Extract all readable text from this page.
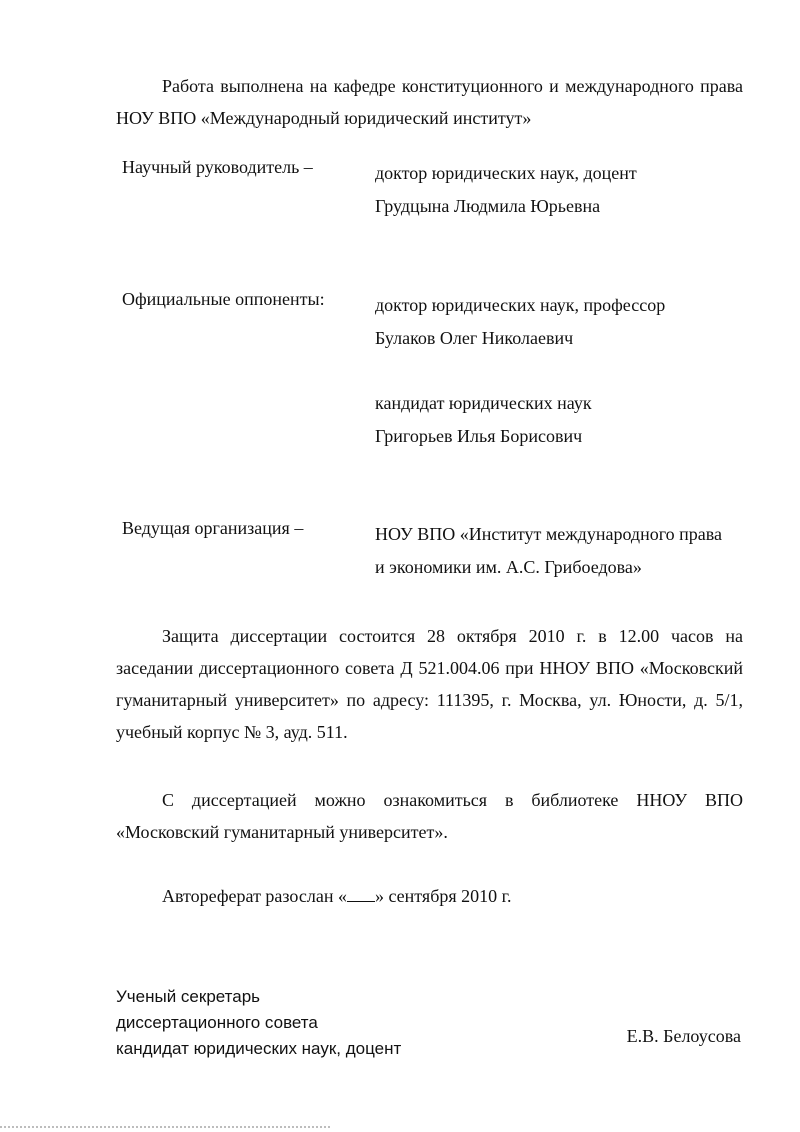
Работа выполнена на кафедре конституционного и международного права НОУ ВПО «Международный юридический институт»

Научный руководитель –	доктор юридических наук, доцент
Грудцына Людмила Юрьевна
Официальные оппоненты:	доктор юридических наук, профессор
Булаков Олег Николаевич
кандидат юридических наук
Григорьев Илья Борисович
Ведущая организация –	НОУ ВПО «Институт международного права
и экономики им. А.С. Грибоедова»

Защита диссертации состоится 28 октября 2010 г. в 12.00 часов на заседании диссертационного совета Д 521.004.06 при ННОУ ВПО «Московский гуманитарный университет» по адресу: 111395, г. Москва, ул. Юности, д. 5/1, учебный корпус № 3, ауд. 511.

С диссертацией можно ознакомиться в библиотеке ННОУ ВПО «Московский гуманитарный университет».

Автореферат разослан « » сентября 2010 г.

Ученый секретарь
диссертационного совета
кандидат юридических наук, доцент
Е.В. Белоусова
